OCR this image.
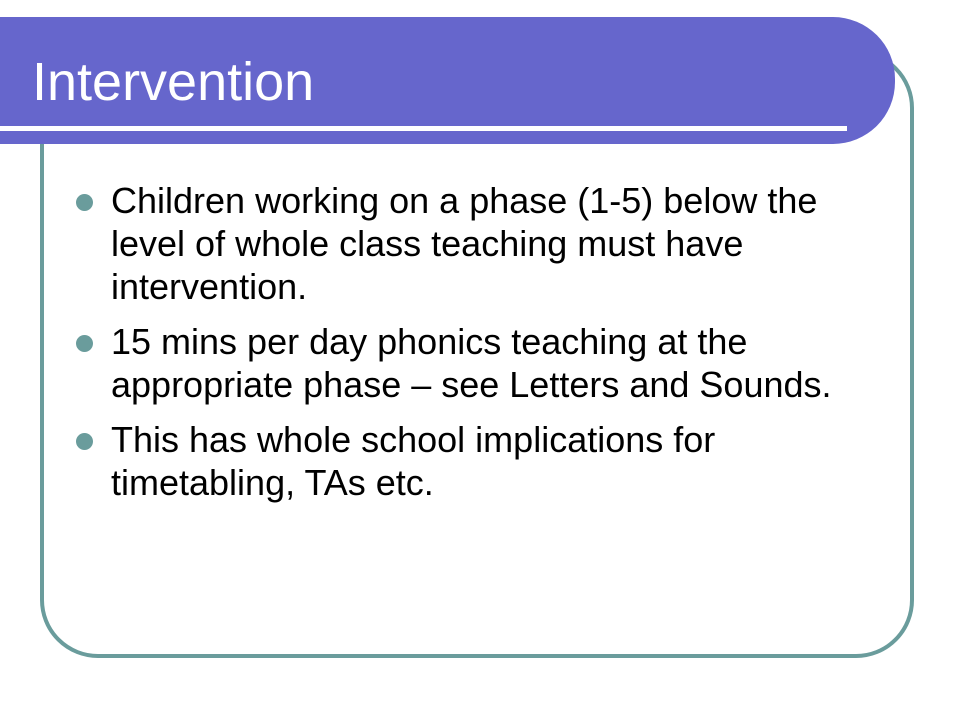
Intervention
Children working on a phase (1-5) below the level of whole class teaching must have intervention.
15 mins per day phonics teaching at the appropriate phase – see Letters and Sounds.
This has whole school implications for timetabling, TAs etc.
